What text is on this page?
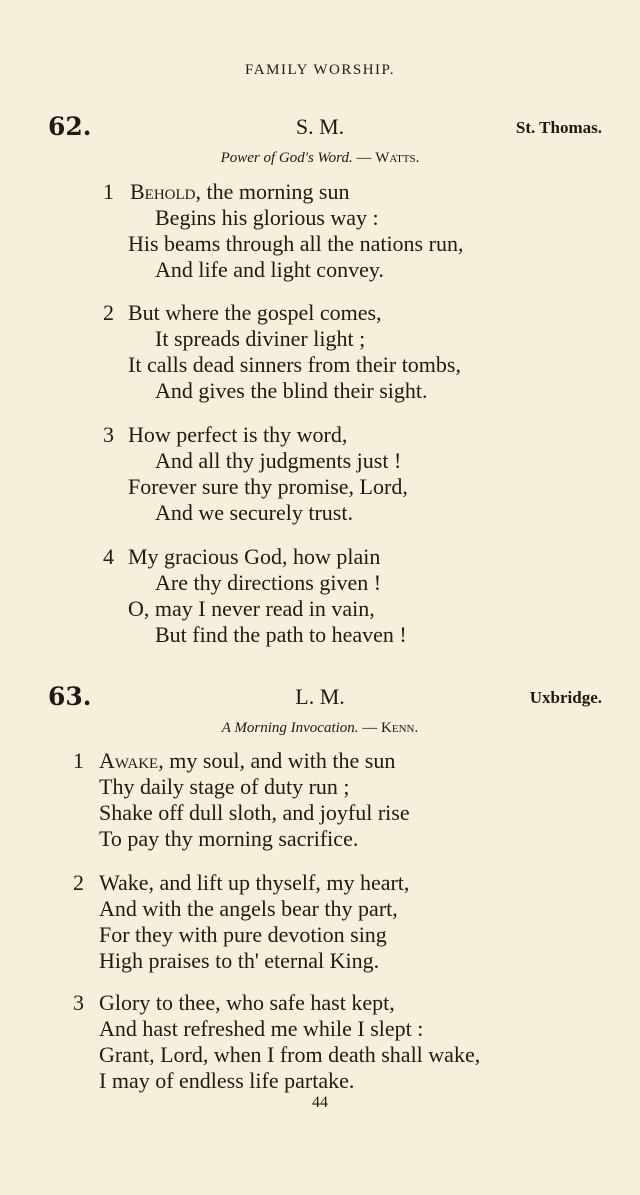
FAMILY WORSHIP.
62.	S. M.	St. Thomas.
Power of God's Word. — Watts.
1 Behold, the morning sun
Begins his glorious way :
His beams through all the nations run,
And life and light convey.
2 But where the gospel comes,
It spreads diviner light ;
It calls dead sinners from their tombs,
And gives the blind their sight.
3 How perfect is thy word,
And all thy judgments just !
Forever sure thy promise, Lord,
And we securely trust.
4 My gracious God, how plain
Are thy directions given !
O, may I never read in vain,
But find the path to heaven !
63.	L. M.	Uxbridge.
A Morning Invocation. — Kenn.
1 Awake, my soul, and with the sun
Thy daily stage of duty run ;
Shake off dull sloth, and joyful rise
To pay thy morning sacrifice.
2 Wake, and lift up thyself, my heart,
And with the angels bear thy part,
For they with pure devotion sing
High praises to th' eternal King.
3 Glory to thee, who safe hast kept,
And hast refreshed me while I slept :
Grant, Lord, when I from death shall wake,
I may of endless life partake.
44
